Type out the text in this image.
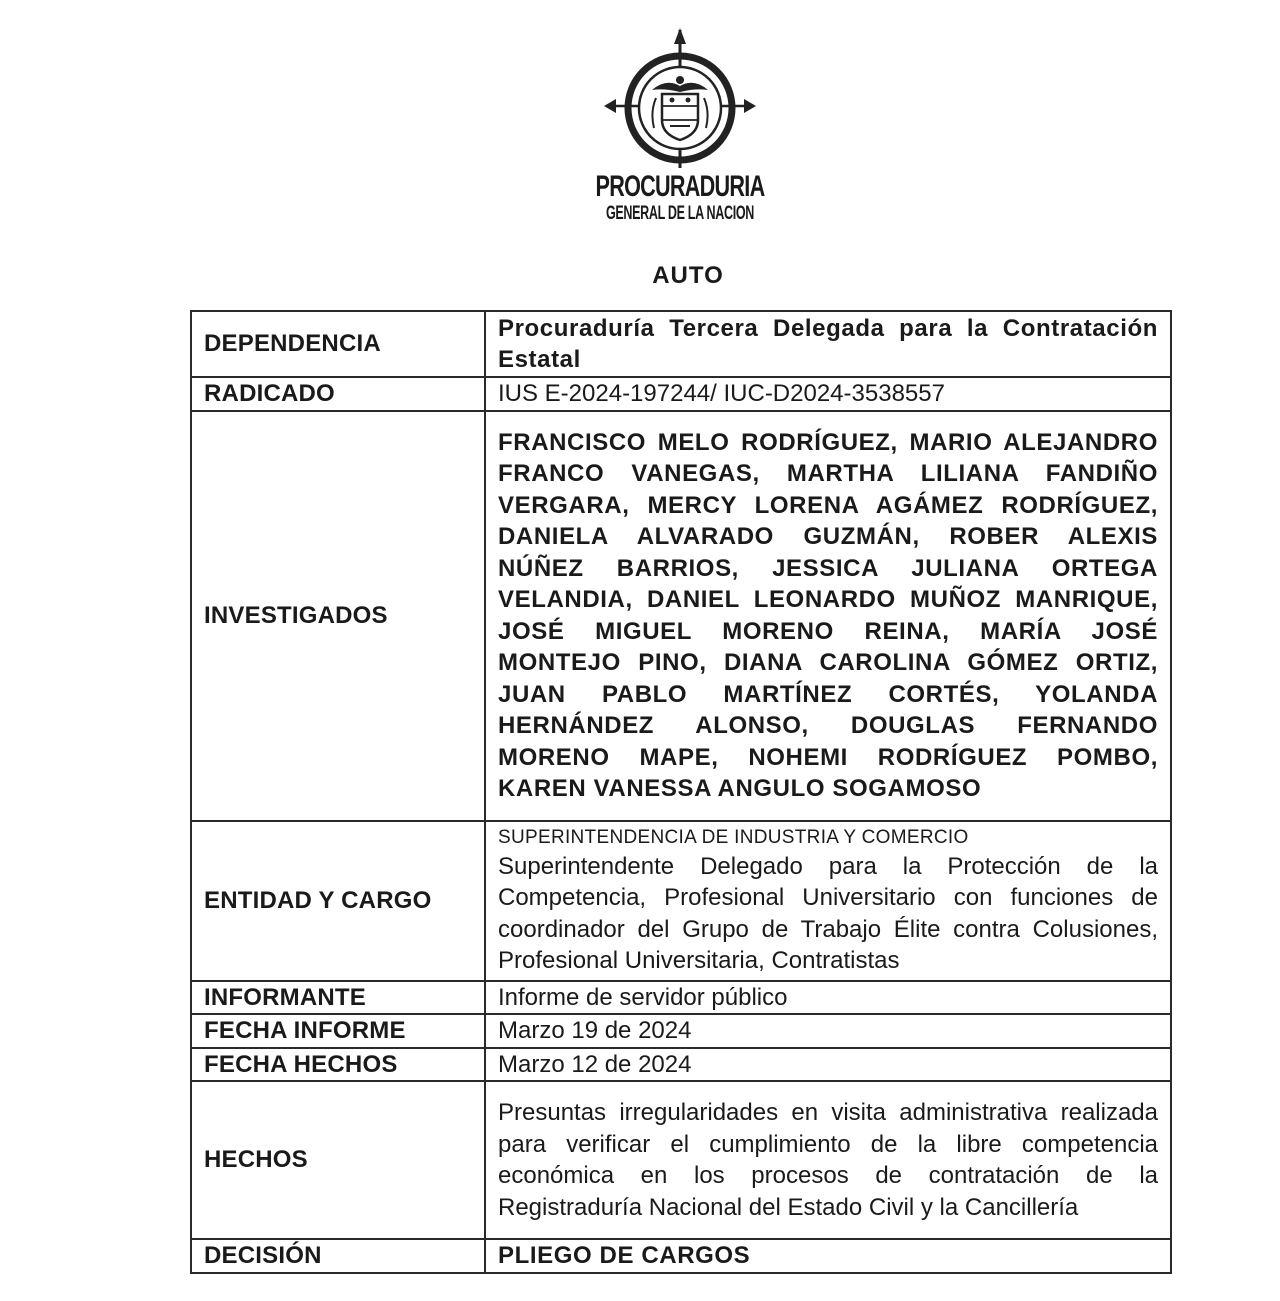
PROCURADURIA
GENERAL DE LA NACION
AUTO
DEPENDENCIA	Procuraduría Tercera Delegada para la Contratación Estatal
RADICADO	IUS E-2024-197244/ IUC-D2024-3538557
INVESTIGADOS	FRANCISCO MELO RODRÍGUEZ, MARIO ALEJANDRO FRANCO VANEGAS, MARTHA LILIANA FANDIÑO VERGARA, MERCY LORENA AGÁMEZ RODRÍGUEZ, DANIELA ALVARADO GUZMÁN, ROBER ALEXIS NÚÑEZ BARRIOS, JESSICA JULIANA ORTEGA VELANDIA, DANIEL LEONARDO MUÑOZ MANRIQUE, JOSÉ MIGUEL MORENO REINA, MARÍA JOSÉ MONTEJO PINO, DIANA CAROLINA GÓMEZ ORTIZ, JUAN PABLO MARTÍNEZ CORTÉS, YOLANDA HERNÁNDEZ ALONSO, DOUGLAS FERNANDO MORENO MAPE, NOHEMI RODRÍGUEZ POMBO, KAREN VANESSA ANGULO SOGAMOSO
ENTIDAD Y CARGO	SUPERINTENDENCIA DE INDUSTRIA Y COMERCIO
Superintendente Delegado para la Protección de la Competencia, Profesional Universitario con funciones de coordinador del Grupo de Trabajo Élite contra Colusiones, Profesional Universitaria, Contratistas

INFORMANTE	Informe de servidor público
FECHA INFORME	Marzo 19 de 2024
FECHA HECHOS	Marzo 12 de 2024
HECHOS	Presuntas irregularidades en visita administrativa realizada para verificar el cumplimiento de la libre competencia económica en los procesos de contratación de la Registraduría Nacional del Estado Civil y la Cancillería
DECISIÓN	PLIEGO DE CARGOS
